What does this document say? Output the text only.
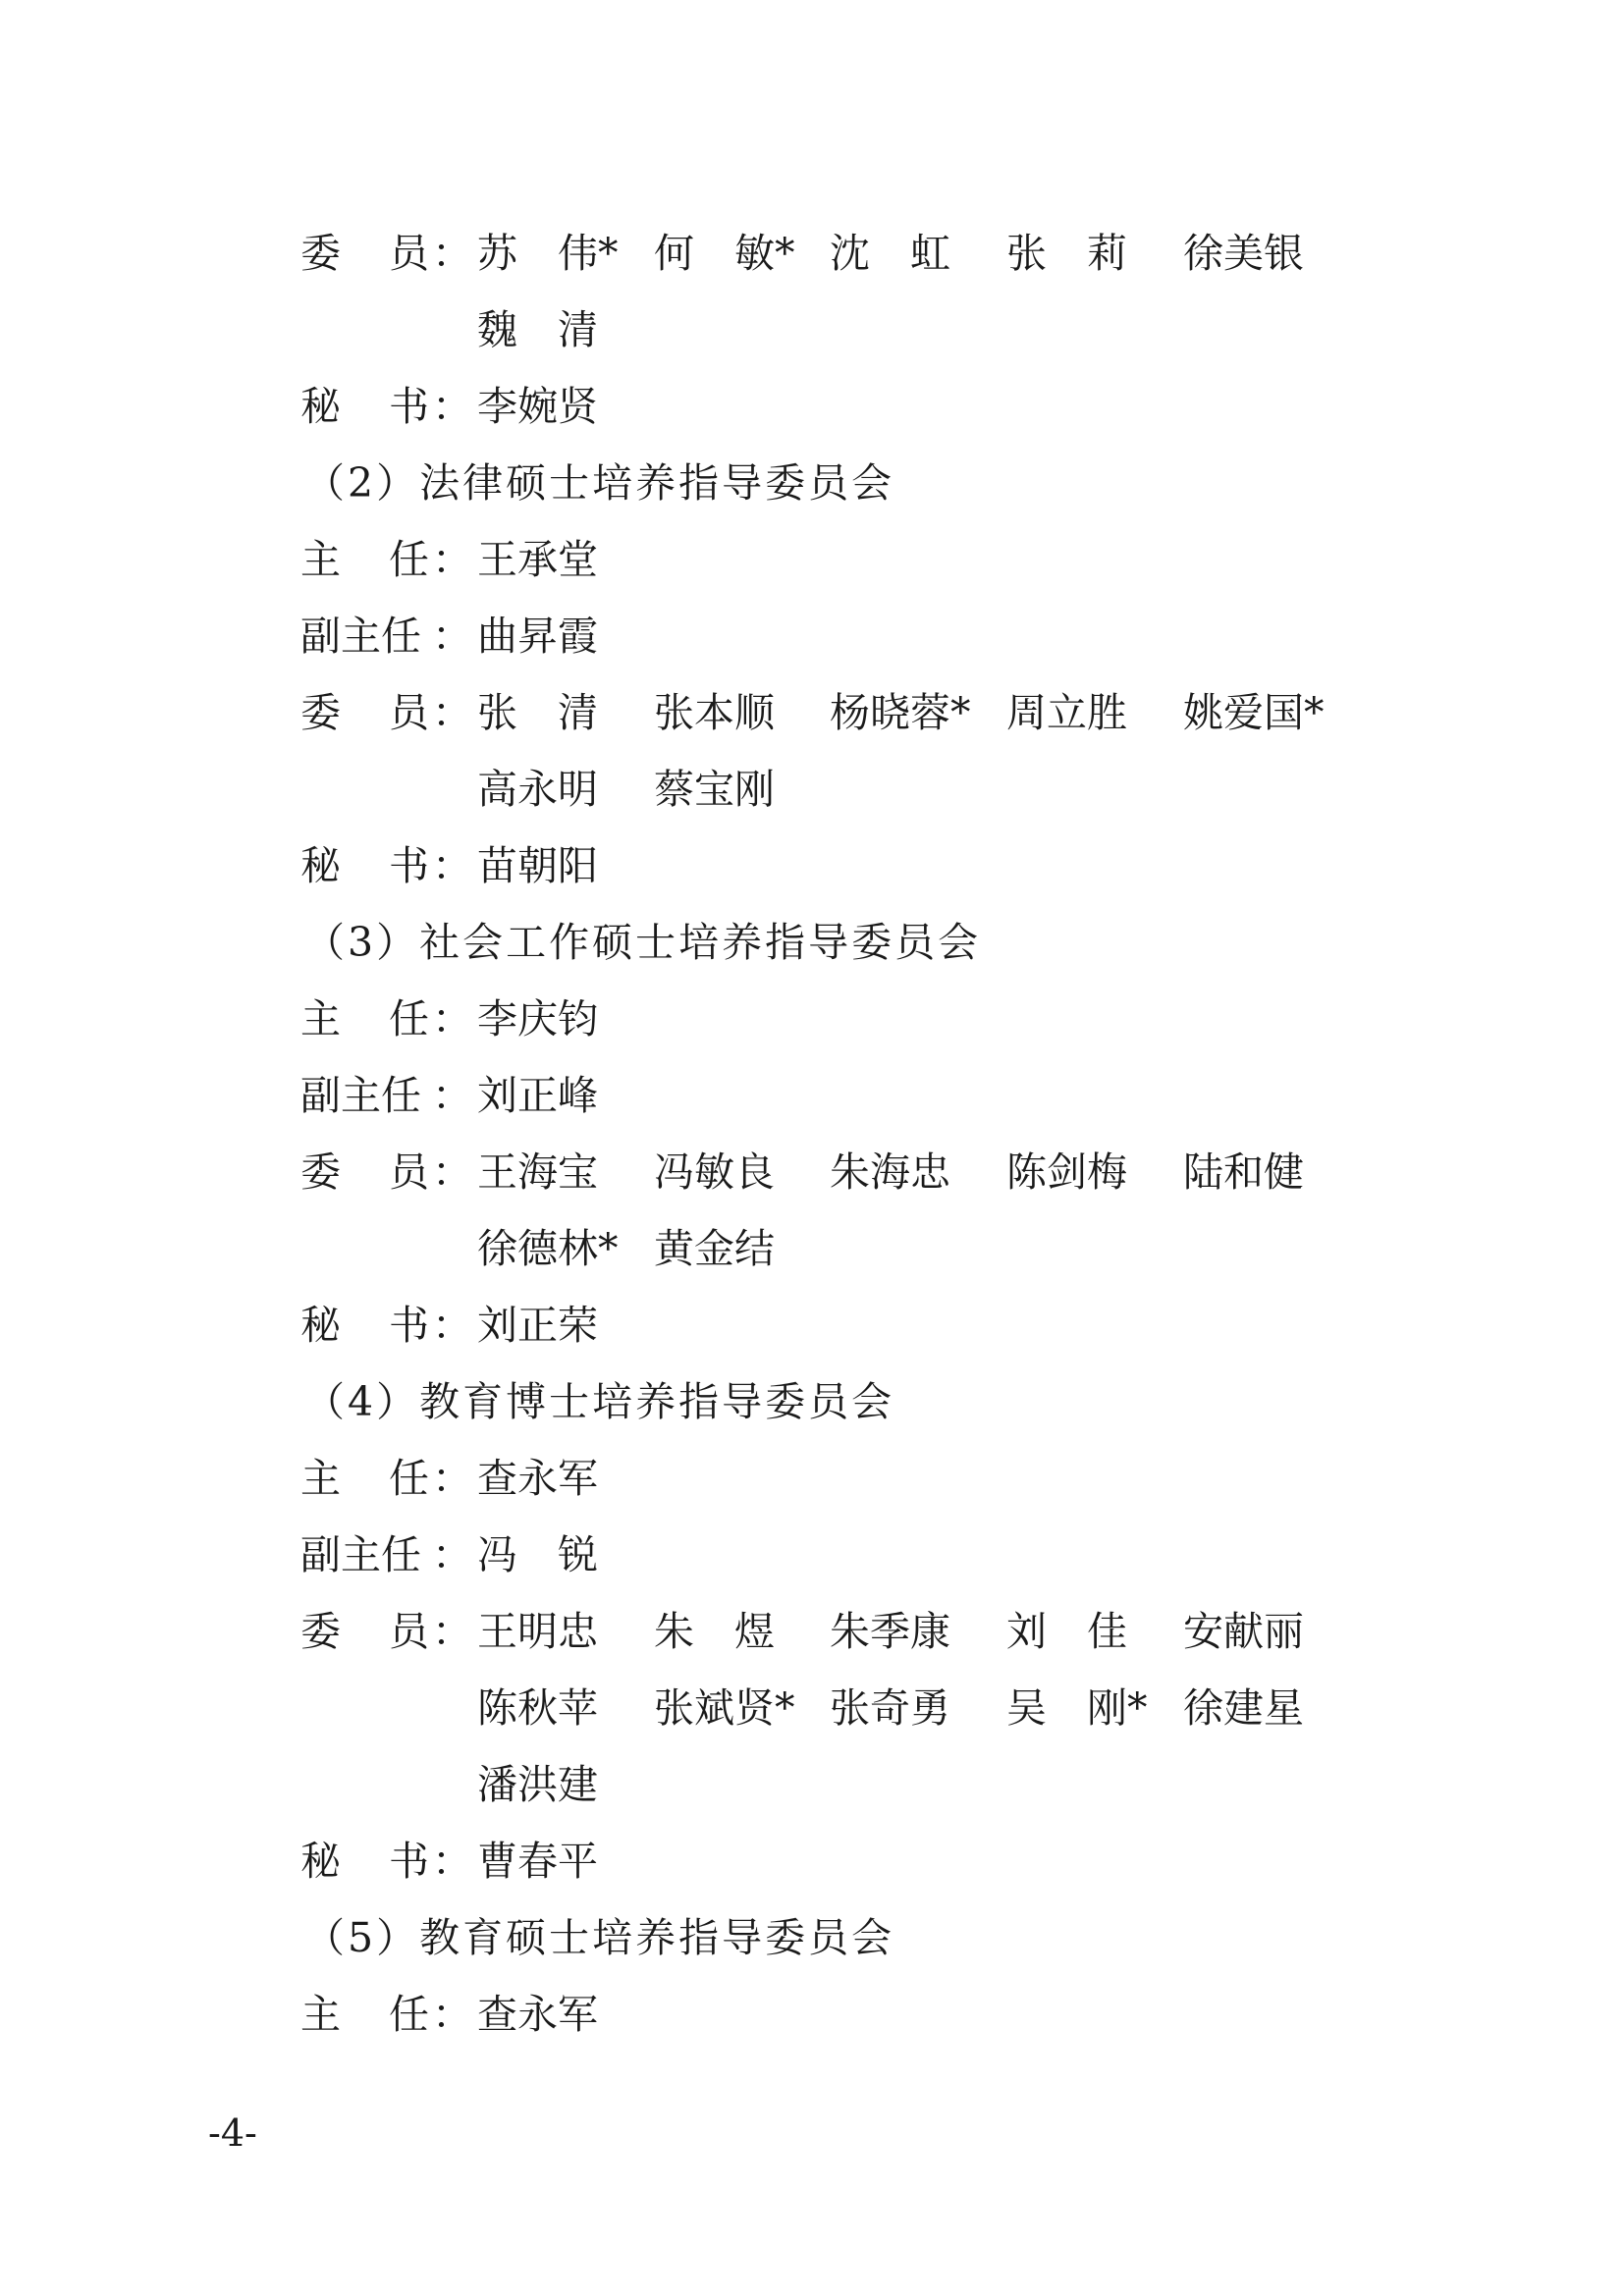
委 员 ： 苏　伟* 何　敏* 沈　虹 张　莉 徐美银
魏　清
秘 书 ： 李婉贤
（2）法律硕士培养指导委员会
主 任 ： 王承堂
副主任 ： 曲昇霞
委 员 ： 张　清 张本顺 杨晓蓉* 周立胜 姚爱国*
高永明 蔡宝刚
秘 书 ： 苗朝阳
（3）社会工作硕士培养指导委员会
主 任 ： 李庆钧
副主任 ： 刘正峰
委 员 ： 王海宝 冯敏良 朱海忠 陈剑梅 陆和健
徐德林* 黄金结
秘 书 ： 刘正荣
（4）教育博士培养指导委员会
主 任 ： 查永军
副主任 ： 冯　锐
委 员 ： 王明忠 朱　煜 朱季康 刘　佳 安献丽
陈秋苹 张斌贤* 张奇勇 吴　刚* 徐建星
潘洪建
秘 书 ： 曹春平
（5）教育硕士培养指导委员会
主 任 ： 查永军
-4-
